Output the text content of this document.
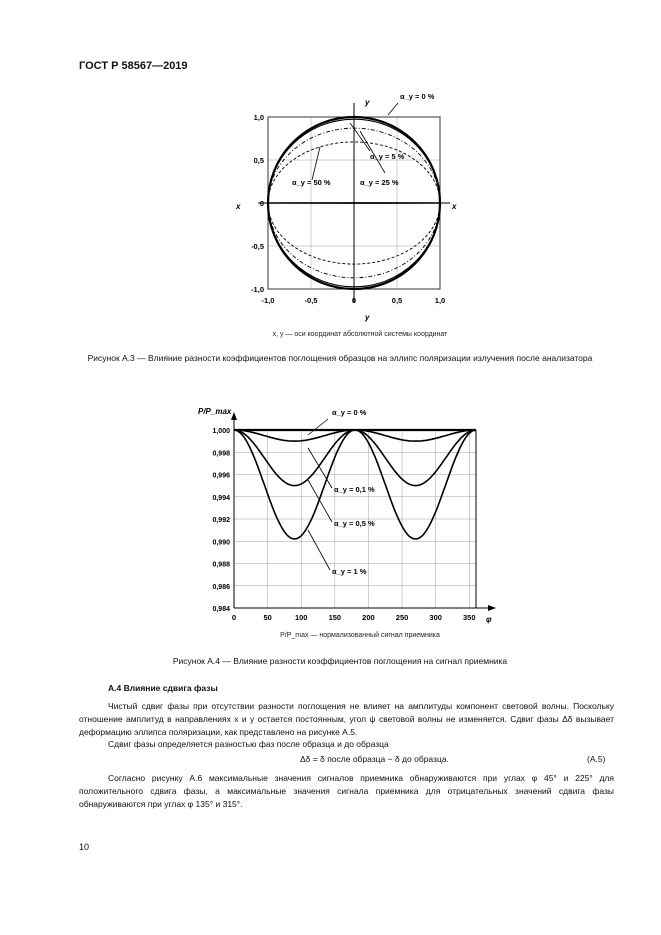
ГОСТ Р 58567—2019
-1,0	-0,5	0	0,5	1,0
1,0
0,5
0
-0,5
-1,0
y
y
x	x
α_y = 0 %
α_y = 5 %
α_y = 50 %	α_y = 25 %
x, y — оси координат абсолютной системы координат
Рисунок А.3 — Влияние разности коэффициентов поглощения образцов на эллипс поляризации излучения после анализатора
0	50	100	150	200	250	300	350
0,984
0,986
0,988
0,990
0,992
0,994
0,996
0,998
1,000
P/P_max
φ
α_y = 0 %
α_y = 0,1 %
α_y = 0,5 %
α_y = 1 %
P/P_max — нормализованный сигнал приемника
Рисунок А.4 — Влияние разности коэффициентов поглощения на сигнал приемника
А.4 Влияние сдвига фазы
Чистый сдвиг фазы при отсутствии разности поглощения не влияет на амплитуды компонент световой волны. Поскольку отношение амплитуд в направлениях x и y остается постоянным, угол ψ световой волны не изменяется. Сдвиг фазы Δδ вызывает деформацию эллипса поляризации, как представлено на рисунке А.5.
Сдвиг фазы определяется разностью фаз после образца и до образца
Δδ = δ после образца − δ до образца.	(А.5)
Согласно рисунку А.6 максимальные значения сигналов приемника обнаруживаются при углах φ 45° и 225° для положительного сдвига фазы, а максимальные значения сигнала приемника для отрицательных значений сдвига фазы обнаруживаются при углах φ 135° и 315°.
10
